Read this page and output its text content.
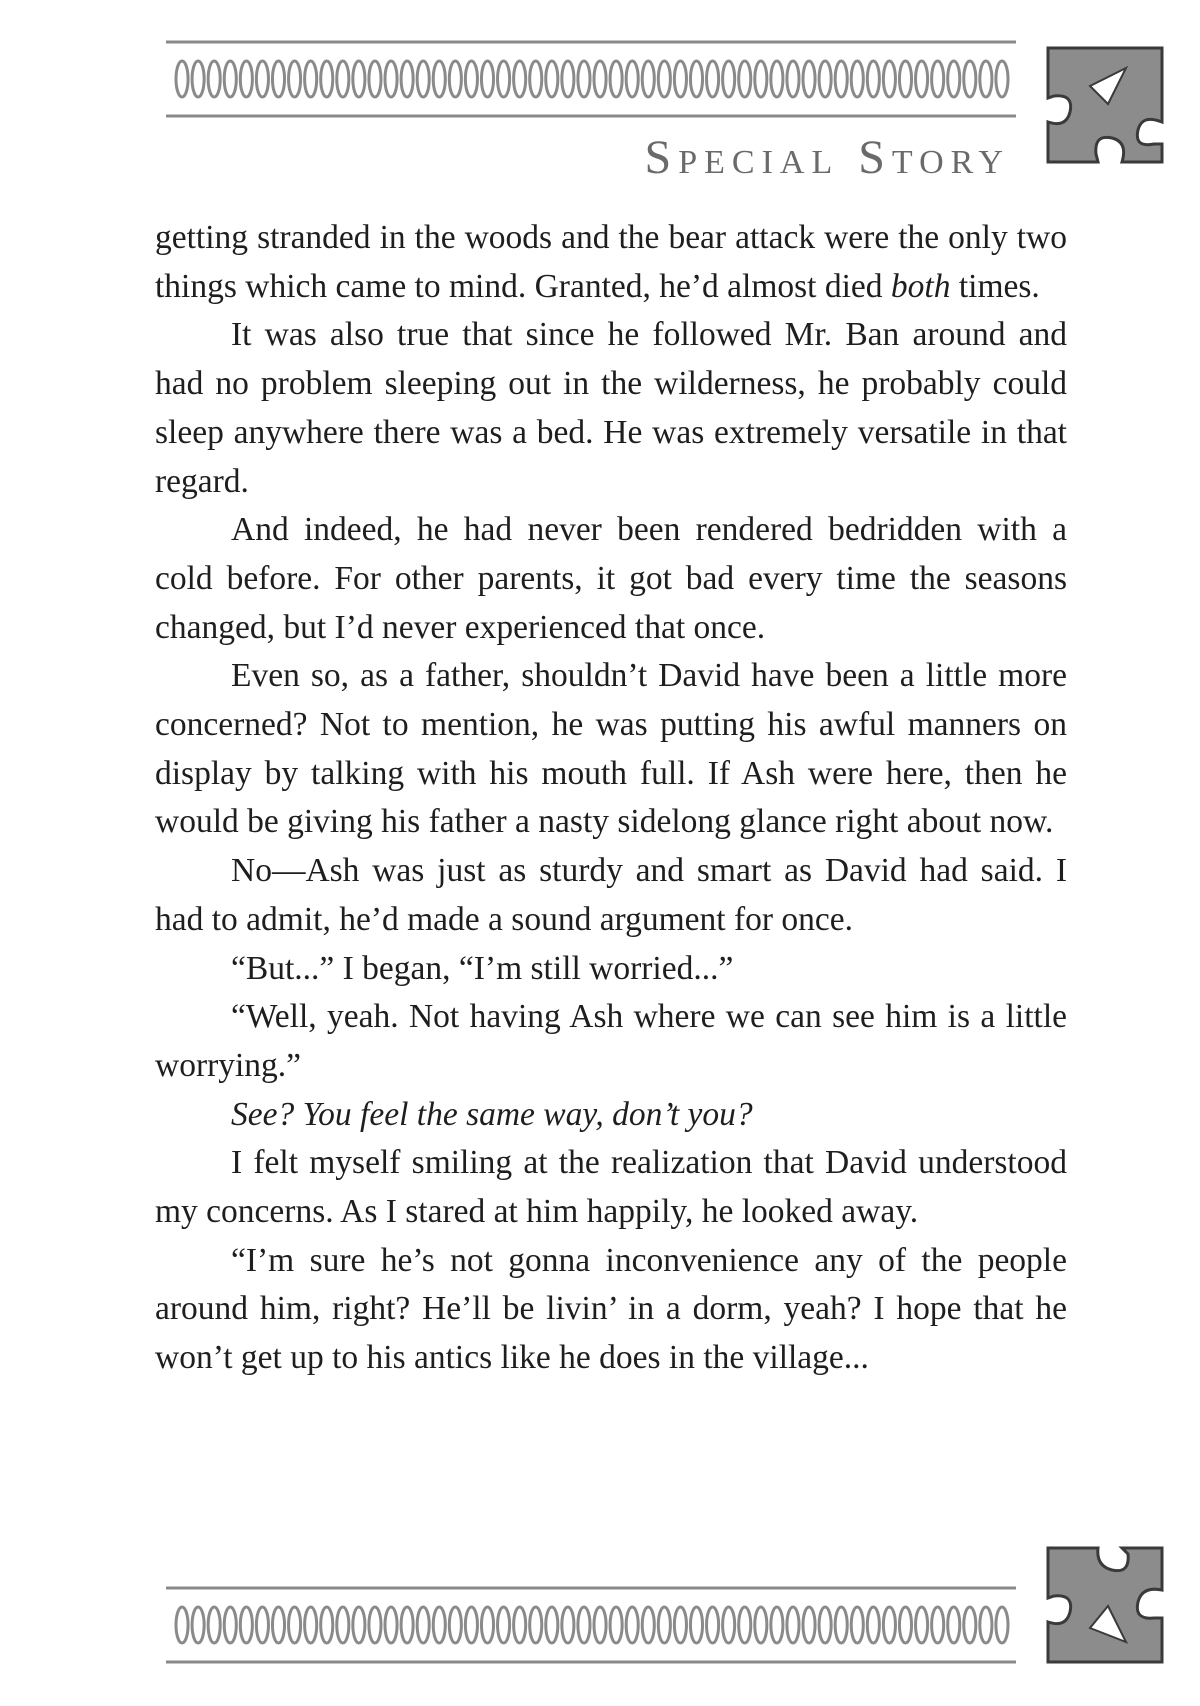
Special Story

getting stranded in the woods and the bear attack were the only two things which came to mind. Granted, he’d almost died both times.

It was also true that since he followed Mr. Ban around and had no problem sleeping out in the wilderness, he probably could sleep anywhere there was a bed. He was extremely versatile in that regard.

And indeed, he had never been rendered bedridden with a cold before. For other parents, it got bad every time the seasons changed, but I’d never experienced that once.

Even so, as a father, shouldn’t David have been a little more concerned? Not to mention, he was putting his awful manners on display by talking with his mouth full. If Ash were here, then he would be giving his father a nasty sidelong glance right about now.

No—Ash was just as sturdy and smart as David had said. I had to admit, he’d made a sound argument for once.

“But...” I began, “I’m still worried...”

“Well, yeah. Not having Ash where we can see him is a little worrying.”

See? You feel the same way, don’t you?

I felt myself smiling at the realization that David understood my concerns. As I stared at him happily, he looked away.

“I’m sure he’s not gonna inconvenience any of the people around him, right? He’ll be livin’ in a dorm, yeah? I hope that he won’t get up to his antics like he does in the village...
